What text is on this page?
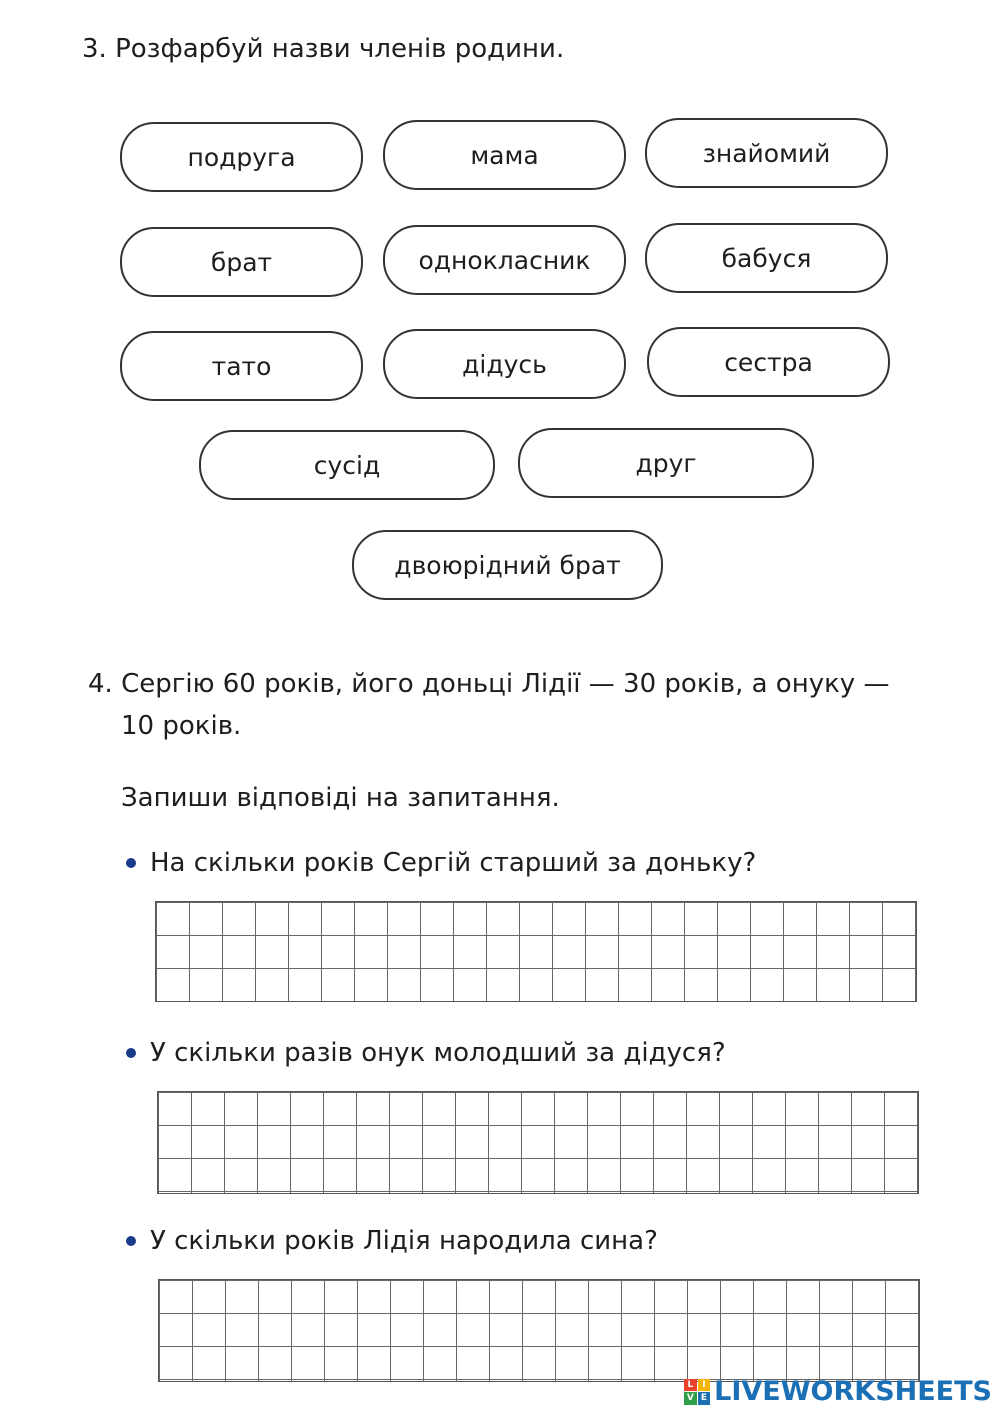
3. Розфарбуй назви членів родини.
подруга	мама	знайомий
брат	однокласник	бабуся
тато	дідусь	сестра
сусід	друг
двоюрідний брат

4. Сергію 60 років, його доньці Лідії — 30 років, а онуку —

10 років.

Запиши відповіді на запитання.

На скільки років Сергій старший за доньку?

У скільки разів онук молодший за дідуся?

У скільки років Лідія народила сина?

L I
V E LIVEWORKSHEETS
